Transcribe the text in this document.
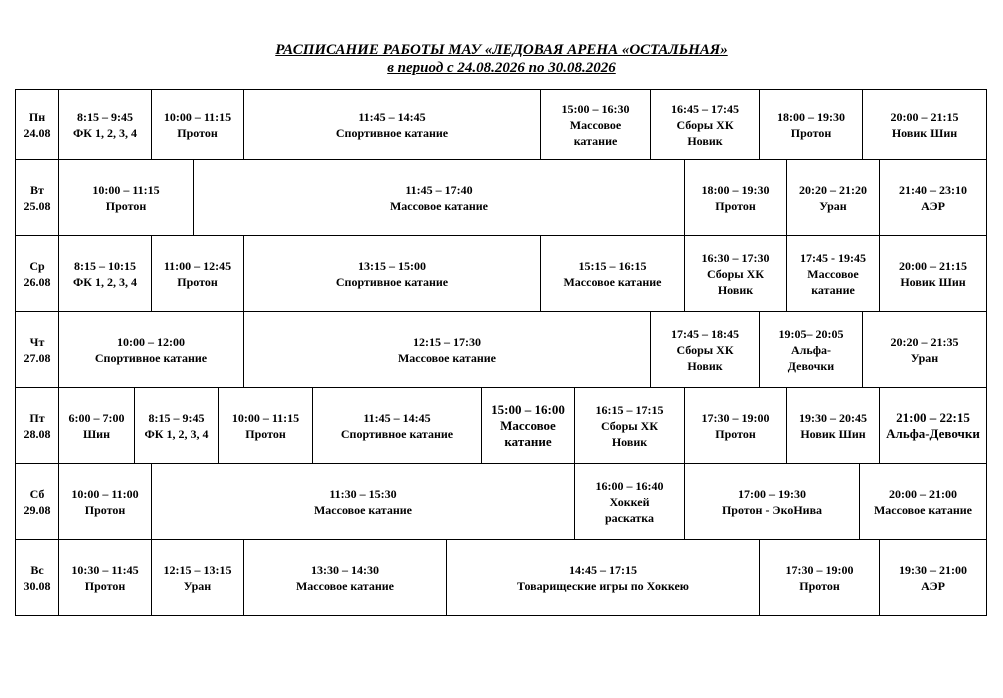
РАСПИСАНИЕ РАБОТЫ МАУ «ЛЕДОВАЯ АРЕНА «ОСТАЛЬНАЯ»
в период с 24.08.2026 по 30.08.2026
Пн
24.08
8:15 – 9:45
ФК 1, 2, 3, 4
10:00 – 11:15
Протон
11:45 – 14:45
Спортивное катание
15:00 – 16:30
Массовое
катание
16:45 – 17:45
Сборы ХК
Новик
18:00 – 19:30
Протон
20:00 – 21:15
Новик Шин
Вт
25.08
10:00 – 11:15
Протон
11:45 – 17:40
Массовое катание
18:00 – 19:30
Протон
20:20 – 21:20
Уран
21:40 – 23:10
АЭР
Ср
26.08
8:15 – 10:15
ФК 1, 2, 3, 4
11:00 – 12:45
Протон
13:15 – 15:00
Спортивное катание
15:15 – 16:15
Массовое катание
16:30 – 17:30
Сборы ХК
Новик
17:45 - 19:45
Массовое
катание
20:00 – 21:15
Новик Шин
Чт
27.08
10:00 – 12:00
Спортивное катание
12:15 – 17:30
Массовое катание
17:45 – 18:45
Сборы ХК
Новик
19:05– 20:05
Альфа-
Девочки
20:20 – 21:35
Уран
Пт
28.08
6:00 – 7:00
Шин
8:15 – 9:45
ФК 1, 2, 3, 4
10:00 – 11:15
Протон
11:45 – 14:45
Спортивное катание
15:00 – 16:00
Массовое
катание
16:15 – 17:15
Сборы ХК
Новик
17:30 – 19:00
Протон
19:30 – 20:45
Новик Шин
21:00 – 22:15
Альфа-Девочки
Сб
29.08
10:00 – 11:00
Протон
11:30 – 15:30
Массовое катание
16:00 – 16:40
Хоккей
раскатка
17:00 – 19:30
Протон - ЭкоНива
20:00 – 21:00
Массовое катание
Вс
30.08
10:30 – 11:45
Протон
12:15 – 13:15
Уран
13:30 – 14:30
Массовое катание
14:45 – 17:15
Товарищеские игры по Хоккею
17:30 – 19:00
Протон
19:30 – 21:00
АЭР
